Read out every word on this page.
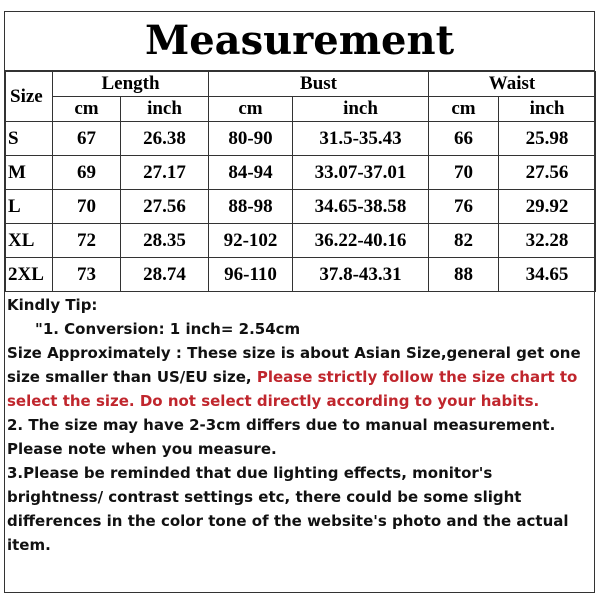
Measurement
Size	Length		Bust		Waist	
	cm	inch	cm	inch	cm	inch
S	67	26.38	80-90	31.5-35.43	66	25.98
M	69	27.17	84-94	33.07-37.01	70	27.56
L	70	27.56	88-98	34.65-38.58	76	29.92
XL	72	28.35	92-102	36.22-40.16	82	32.28
2XL	73	28.74	96-110	37.8-43.31	88	34.65

Kindly Tip:

"1. Conversion: 1 inch= 2.54cm

Size Approximately : These size is about Asian Size,general get one size smaller than US/EU size, Please strictly follow the size chart to select the size. Do not select directly according to your habits.

2. The size may have 2-3cm differs due to manual measurement. Please note when you measure.

3.Please be reminded that due lighting effects, monitor's brightness/ contrast settings etc, there could be some slight differences in the color tone of the website's photo and the actual item.
